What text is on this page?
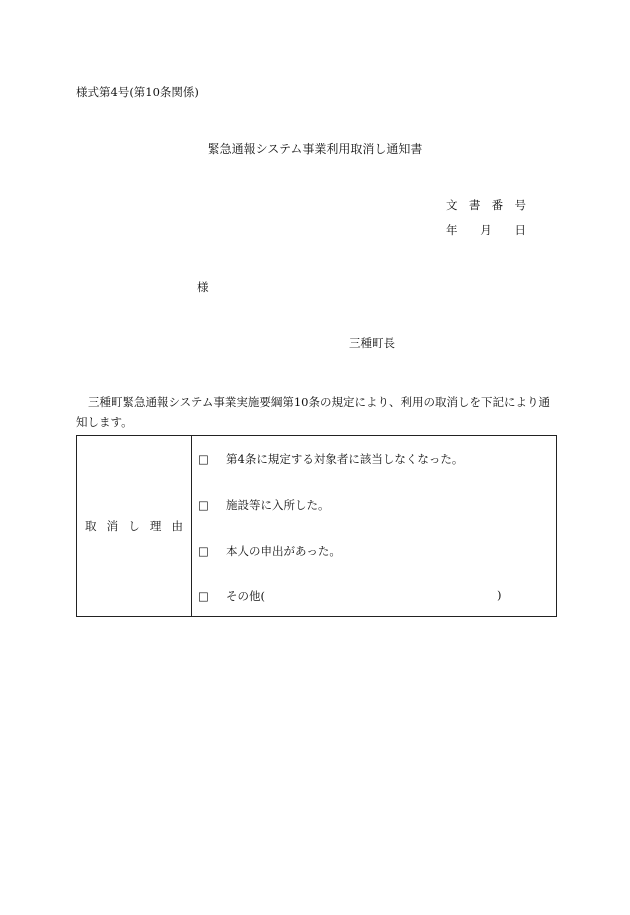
様式第4号(第10条関係)
緊急通報システム事業利用取消し通知書
文 書 番 号
年 月 日
様
三種町長
三種町緊急通報システム事業実施要綱第10条の規定により、利用の取消しを下記により通知します。
取 消 し 理 由

□	第4条に規定する対象者に該当しなくなった。
□	施設等に入所した。
□	本人の申出があった。
□	その他(	)
